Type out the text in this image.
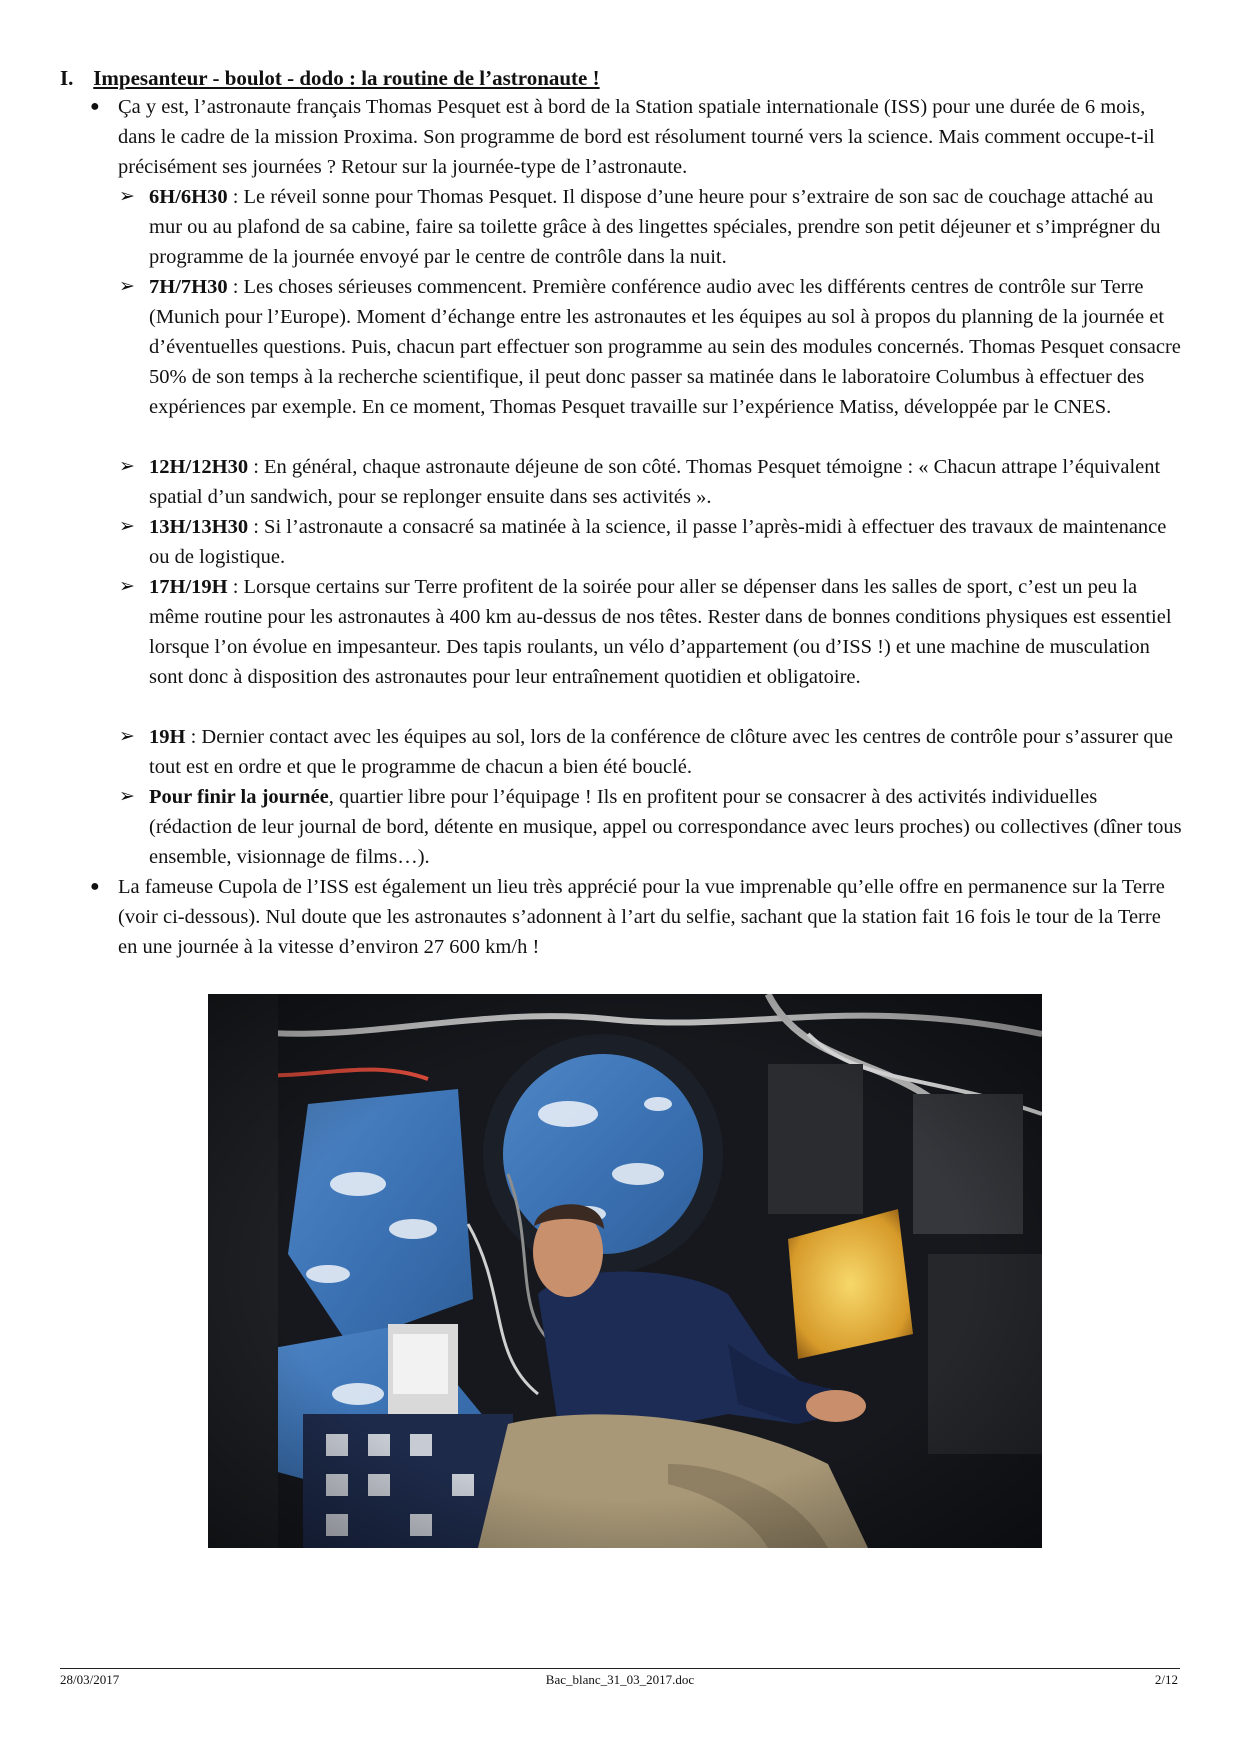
I. Impesanteur - boulot - dodo : la routine de l’astronaute !
● Ça y est, l’astronaute français Thomas Pesquet est à bord de la Station spatiale internationale (ISS) pour une durée de 6 mois, dans le cadre de la mission Proxima. Son programme de bord est résolument tourné vers la science. Mais comment occupe-t-il précisément ses journées ? Retour sur la journée-type de l’astronaute.
➢ 6H/6H30 : Le réveil sonne pour Thomas Pesquet. Il dispose d’une heure pour s’extraire de son sac de couchage attaché au mur ou au plafond de sa cabine, faire sa toilette grâce à des lingettes spéciales, prendre son petit déjeuner et s’imprégner du programme de la journée envoyé par le centre de contrôle dans la nuit.
➢ 7H/7H30 : Les choses sérieuses commencent. Première conférence audio avec les différents centres de contrôle sur Terre (Munich pour l’Europe). Moment d’échange entre les astronautes et les équipes au sol à propos du planning de la journée et d’éventuelles questions. Puis, chacun part effectuer son programme au sein des modules concernés. Thomas Pesquet consacre 50% de son temps à la recherche scientifique, il peut donc passer sa matinée dans le laboratoire Columbus à effectuer des expériences par exemple. En ce moment, Thomas Pesquet travaille sur l’expérience Matiss, développée par le CNES.
➢ 12H/12H30 : En général, chaque astronaute déjeune de son côté. Thomas Pesquet témoigne : « Chacun attrape l’équivalent spatial d’un sandwich, pour se replonger ensuite dans ses activités ».
➢ 13H/13H30 : Si l’astronaute a consacré sa matinée à la science, il passe l’après-midi à effectuer des travaux de maintenance ou de logistique.
➢ 17H/19H : Lorsque certains sur Terre profitent de la soirée pour aller se dépenser dans les salles de sport, c’est un peu la même routine pour les astronautes à 400 km au-dessus de nos têtes. Rester dans de bonnes conditions physiques est essentiel lorsque l’on évolue en impesanteur. Des tapis roulants, un vélo d’appartement (ou d’ISS !) et une machine de musculation sont donc à disposition des astronautes pour leur entraînement quotidien et obligatoire.
➢ 19H : Dernier contact avec les équipes au sol, lors de la conférence de clôture avec les centres de contrôle pour s’assurer que tout est en ordre et que le programme de chacun a bien été bouclé.
➢ Pour finir la journée, quartier libre pour l’équipage ! Ils en profitent pour se consacrer à des activités individuelles (rédaction de leur journal de bord, détente en musique, appel ou correspondance avec leurs proches) ou collectives (dîner tous ensemble, visionnage de films…).
● La fameuse Cupola de l’ISS est également un lieu très apprécié pour la vue imprenable qu’elle offre en permanence sur la Terre (voir ci-dessous). Nul doute que les astronautes s’adonnent à l’art du selfie, sachant que la station fait 16 fois le tour de la Terre en une journée à la vitesse d’environ 27 600 km/h !
28/03/2017	Bac_blanc_31_03_2017.doc	2/12
